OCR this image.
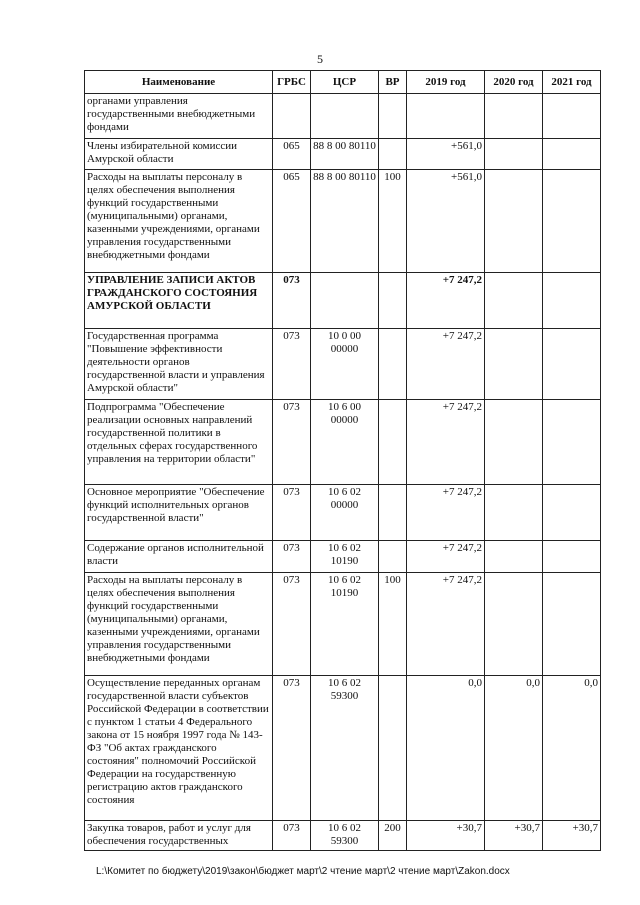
5
Наименование	ГРБС	ЦСР	ВР	2019 год	2020 год	2021 год
органами управления государственными внебюджетными фондами						
Члены избирательной комиссии Амурской области	065	88 8 00 80110		+561,0		
Расходы на выплаты персоналу в целях обеспечения выполнения функций государственными (муниципальными) органами, казенными учреждениями, органами управления государственными внебюджетными фондами	065	88 8 00 80110	100	+561,0		
УПРАВЛЕНИЕ ЗАПИСИ АКТОВ ГРАЖДАНСКОГО СОСТОЯНИЯ АМУРСКОЙ ОБЛАСТИ	073			+7 247,2		
Государственная программа "Повышение эффективности деятельности органов государственной власти и управления Амурской области"	073	10 0 00 00000		+7 247,2		
Подпрограмма "Обеспечение реализации основных направлений государственной политики в отдельных сферах государственного управления на территории области"	073	10 6 00 00000		+7 247,2		
Основное мероприятие "Обеспечение функций исполнительных органов государственной власти"	073	10 6 02 00000		+7 247,2		
Содержание органов исполнительной власти	073	10 6 02 10190		+7 247,2		
Расходы на выплаты персоналу в целях обеспечения выполнения функций государственными (муниципальными) органами, казенными учреждениями, органами управления государственными внебюджетными фондами	073	10 6 02 10190	100	+7 247,2		
Осуществление переданных органам государственной власти субъектов Российской Федерации в соответствии с пунктом 1 статьи 4 Федерального закона от 15 ноября 1997 года № 143-ФЗ "Об актах гражданского состояния" полномочий Российской Федерации на государственную регистрацию актов гражданского состояния	073	10 6 02 59300		0,0	0,0	0,0
Закупка товаров, работ и услуг для обеспечения государственных	073	10 6 02 59300	200	+30,7	+30,7	+30,7
L:\Комитет по бюджету\2019\закон\бюджет март\2 чтение март\2 чтение март\Zakon.docx
